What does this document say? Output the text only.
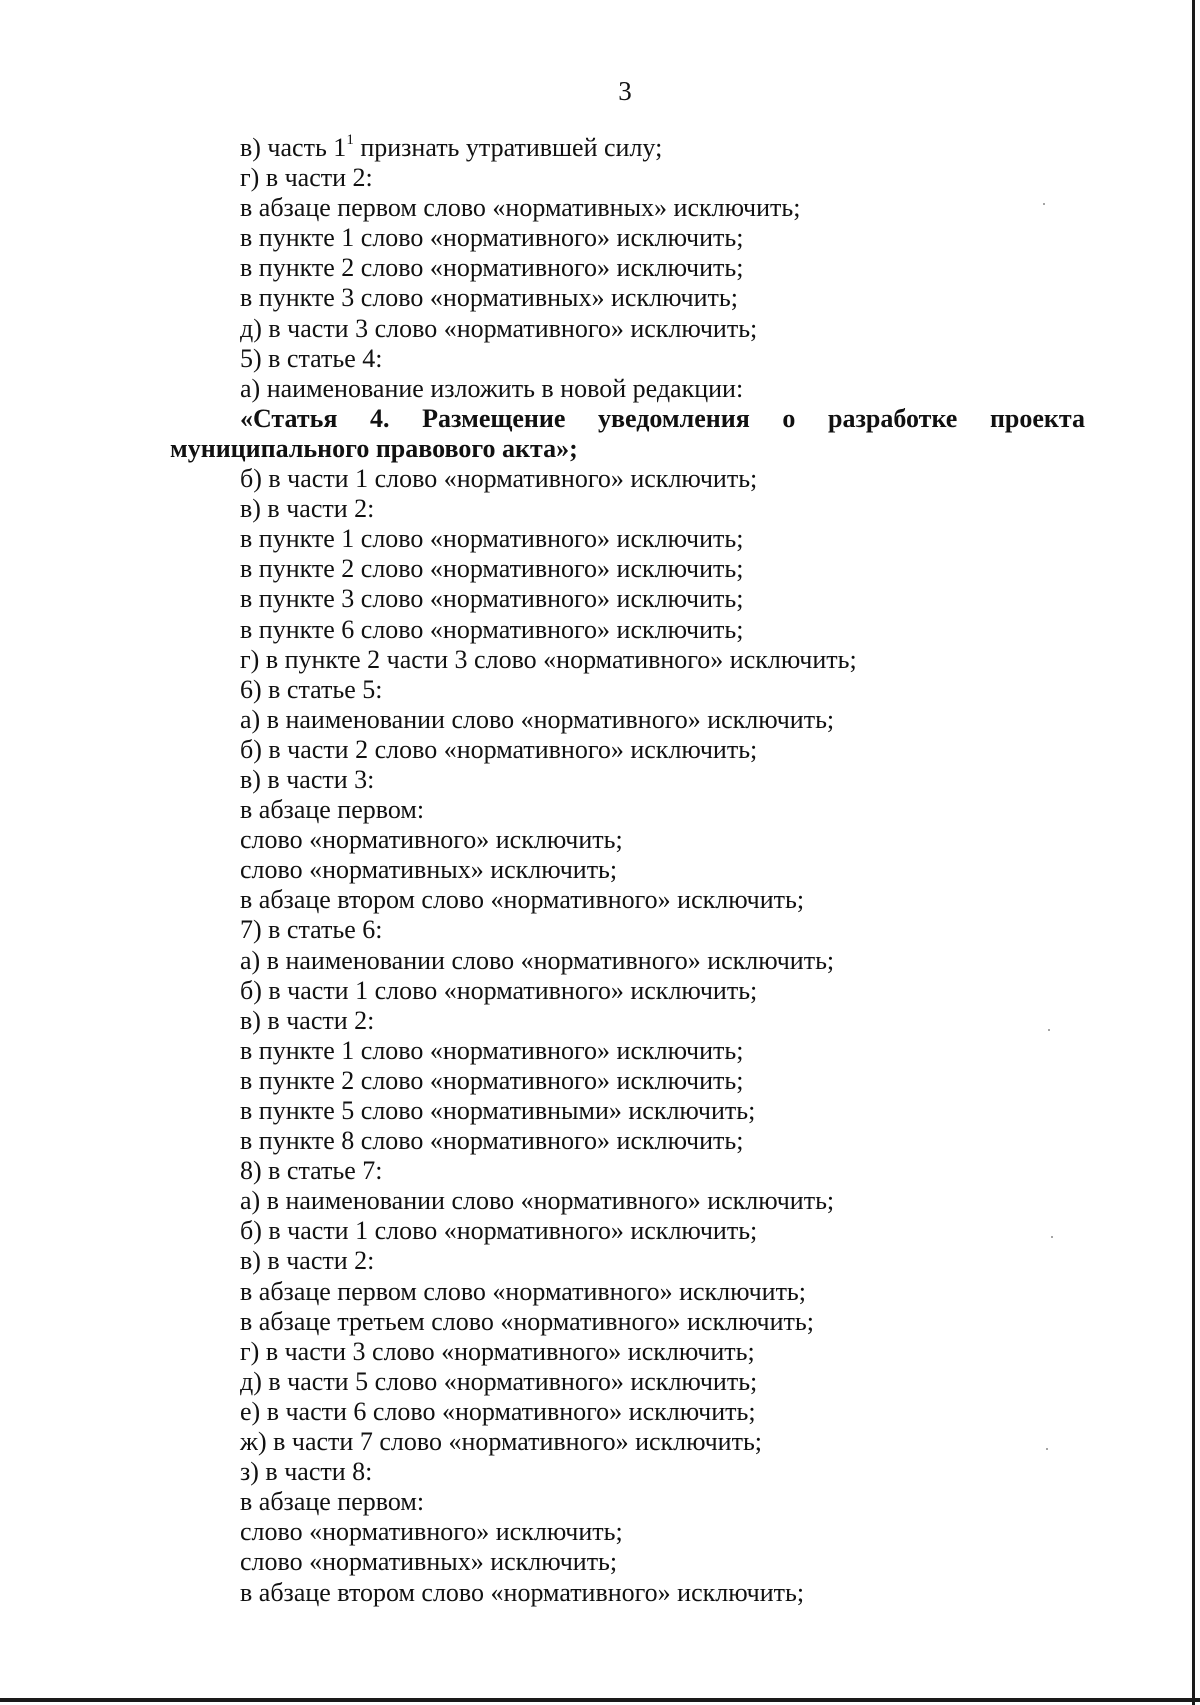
3
в) часть $1^1$ признать утратившей силу;
г) в части 2:
в абзаце первом слово «нормативных» исключить;
в пункте 1 слово «нормативного» исключить;
в пункте 2 слово «нормативного» исключить;
в пункте 3 слово «нормативных» исключить;
д) в части 3 слово «нормативного» исключить;
5) в статье 4:
а) наименование изложить в новой редакции:
«Статья 4. Размещение уведомления о разработке проекта муниципального правового акта»;
б) в части 1 слово «нормативного» исключить;
в) в части 2:
в пункте 1 слово «нормативного» исключить;
в пункте 2 слово «нормативного» исключить;
в пункте 3 слово «нормативного» исключить;
в пункте 6 слово «нормативного» исключить;
г) в пункте 2 части 3 слово «нормативного» исключить;
6) в статье 5:
а) в наименовании слово «нормативного» исключить;
б) в части 2 слово «нормативного» исключить;
в) в части 3:
в абзаце первом:
слово «нормативного» исключить;
слово «нормативных» исключить;
в абзаце втором слово «нормативного» исключить;
7) в статье 6:
а) в наименовании слово «нормативного» исключить;
б) в части 1 слово «нормативного» исключить;
в) в части 2:
в пункте 1 слово «нормативного» исключить;
в пункте 2 слово «нормативного» исключить;
в пункте 5 слово «нормативными» исключить;
в пункте 8 слово «нормативного» исключить;
8) в статье 7:
а) в наименовании слово «нормативного» исключить;
б) в части 1 слово «нормативного» исключить;
в) в части 2:
в абзаце первом слово «нормативного» исключить;
в абзаце третьем слово «нормативного» исключить;
г) в части 3 слово «нормативного» исключить;
д) в части 5 слово «нормативного» исключить;
е) в части 6 слово «нормативного» исключить;
ж) в части 7 слово «нормативного» исключить;
з) в части 8:
в абзаце первом:
слово «нормативного» исключить;
слово «нормативных» исключить;
в абзаце втором слово «нормативного» исключить;
